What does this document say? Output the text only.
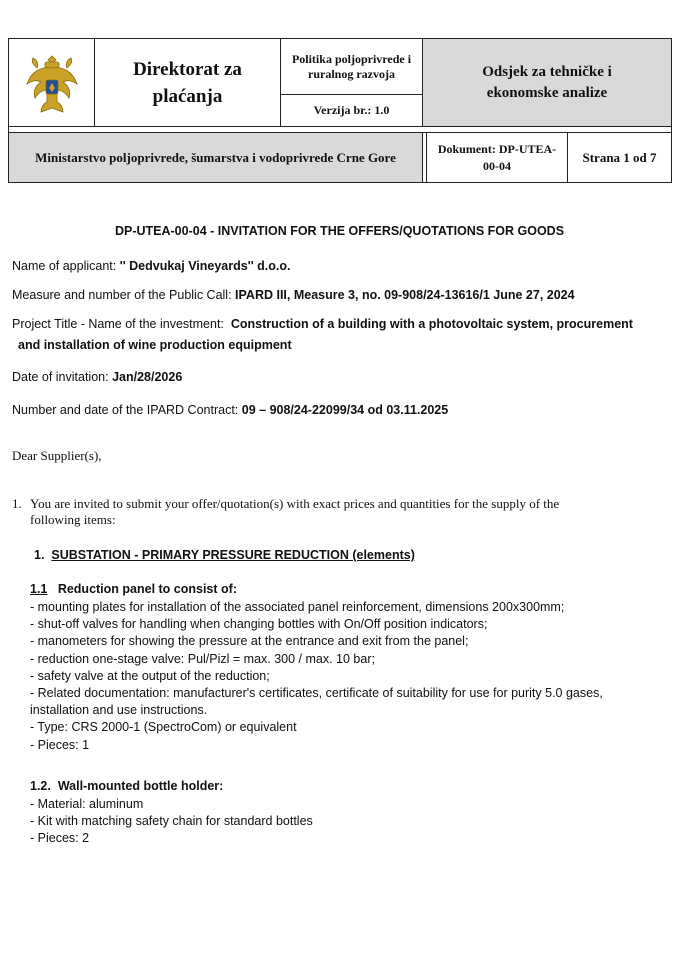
	Direktorat za plaćanja	Politika poljoprivrede i ruralnog razvoja	Odsjek za tehničke i ekonomske analize		
		Verzija br.: 1.0			

Ministarstvo poljoprivrede, šumarstva i vodoprivrede Crne Gore				Dokument: DP-UTEA-00-04	Strana 1 od 7
DP-UTEA-00-04 - INVITATION FOR THE OFFERS/QUOTATIONS FOR GOODS
Name of applicant: '' Dedvukaj Vineyards'' d.o.o.
Measure and number of the Public Call: IPARD III, Measure 3, no. 09-908/24-13616/1 June 27, 2024
Project Title - Name of the investment: Construction of a building with a photovoltaic system, procurement
and installation of wine production equipment
Date of invitation: Jan/28/2026
Number and date of the IPARD Contract: 09 – 908/24-22099/34 od 03.11.2025
Dear Supplier(s),
1. You are invited to submit your offer/quotation(s) with exact prices and quantities for the supply of the
following items:
1. SUBSTATION - PRIMARY PRESSURE REDUCTION (elements)
1.1 Reduction panel to consist of:
- mounting plates for installation of the associated panel reinforcement, dimensions 200x300mm;
- shut-off valves for handling when changing bottles with On/Off position indicators;
- manometers for showing the pressure at the entrance and exit from the panel;
- reduction one-stage valve: Pul/Pizl = max. 300 / max. 10 bar;
- safety valve at the output of the reduction;
- Related documentation: manufacturer's certificates, certificate of suitability for use for purity 5.0 gases,
installation and use instructions.
- Type: CRS 2000-1 (SpectroCom) or equivalent
- Pieces: 1
1.2. Wall-mounted bottle holder:
- Material: aluminum
- Kit with matching safety chain for standard bottles
- Pieces: 2
